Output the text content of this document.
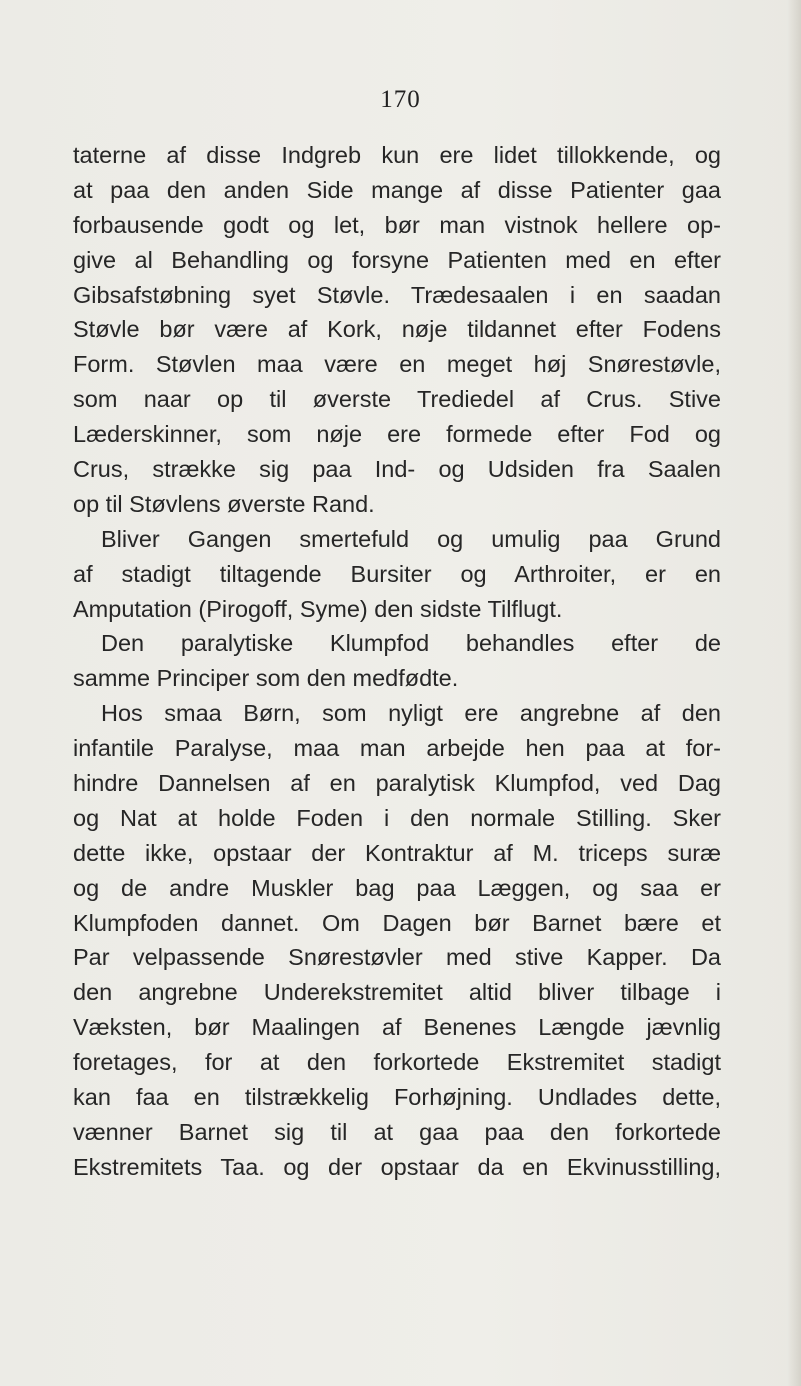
170
taterne af disse Indgreb kun ere lidet tillokkende, og
at paa den anden Side mange af disse Patienter gaa
forbausende godt og let, bør man vistnok hellere op-
give al Behandling og forsyne Patienten med en efter
Gibsafstøbning syet Støvle. Trædesaalen i en saadan
Støvle bør være af Kork, nøje tildannet efter Fodens
Form. Støvlen maa være en meget høj Snørestøvle,
som naar op til øverste Trediedel af Crus. Stive
Læderskinner, som nøje ere formede efter Fod og
Crus, strække sig paa Ind- og Udsiden fra Saalen
op til Støvlens øverste Rand.
Bliver Gangen smertefuld og umulig paa Grund
af stadigt tiltagende Bursiter og Arthroiter, er en
Amputation (Pirogoff, Syme) den sidste Tilflugt.
Den paralytiske Klumpfod behandles efter de
samme Principer som den medfødte.
Hos smaa Børn, som nyligt ere angrebne af den
infantile Paralyse, maa man arbejde hen paa at for-
hindre Dannelsen af en paralytisk Klumpfod, ved Dag
og Nat at holde Foden i den normale Stilling. Sker
dette ikke, opstaar der Kontraktur af M. triceps suræ
og de andre Muskler bag paa Læggen, og saa er
Klumpfoden dannet. Om Dagen bør Barnet bære et
Par velpassende Snørestøvler med stive Kapper. Da
den angrebne Underekstremitet altid bliver tilbage i
Væksten, bør Maalingen af Benenes Længde jævnlig
foretages, for at den forkortede Ekstremitet stadigt
kan faa en tilstrækkelig Forhøjning. Undlades dette,
vænner Barnet sig til at gaa paa den forkortede
Ekstremitets Taa. og der opstaar da en Ekvinusstilling,
